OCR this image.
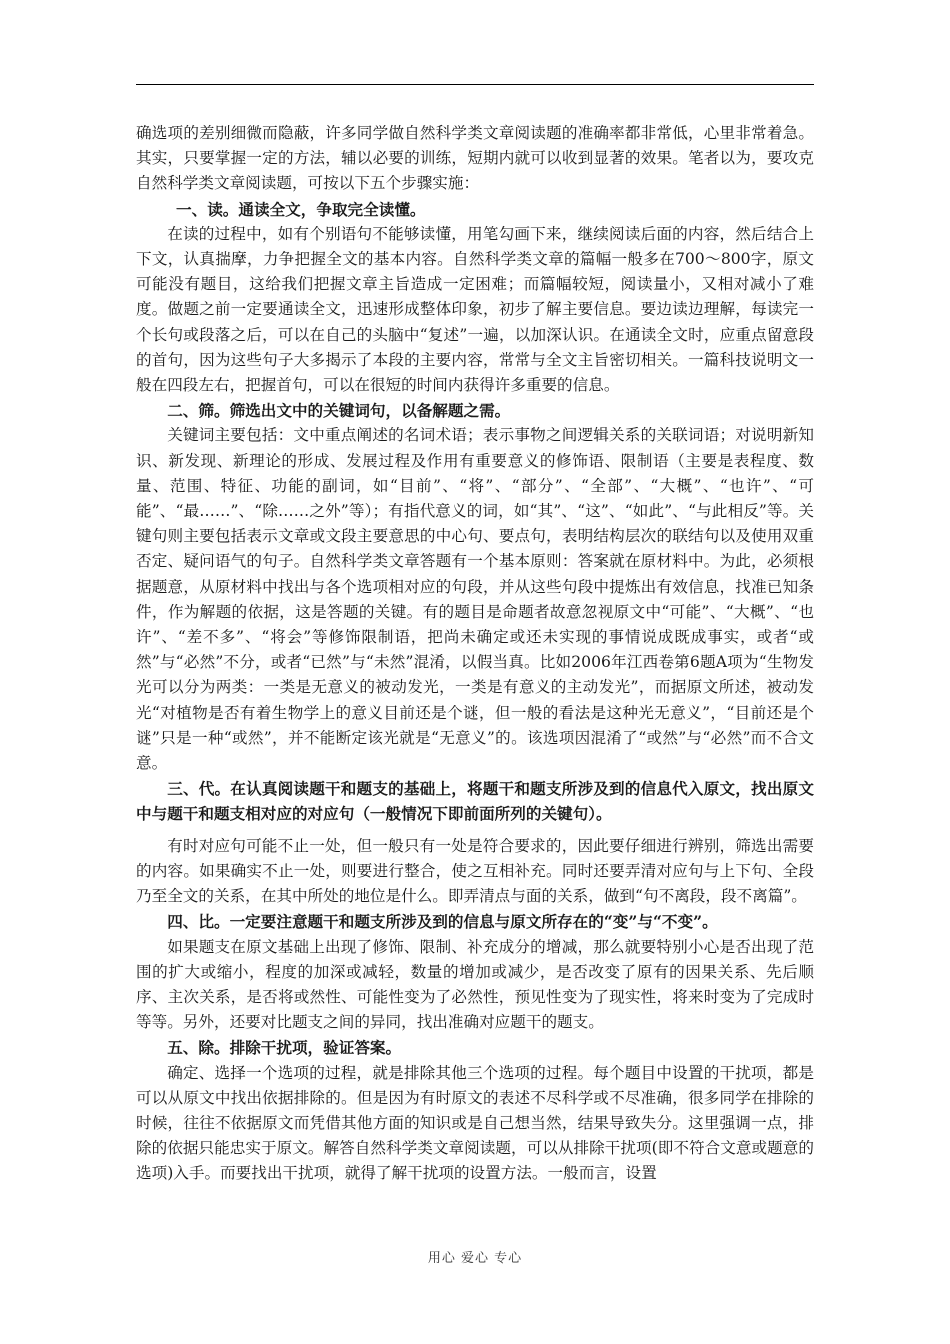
确选项的差别细微而隐蔽，许多同学做自然科学类文章阅读题的准确率都非常低，心里非常着急。其实，只要掌握一定的方法，辅以必要的训练，短期内就可以收到显著的效果。笔者以为，要攻克自然科学类文章阅读题，可按以下五个步骤实施：

一、读。通读全文，争取完全读懂。

在读的过程中，如有个别语句不能够读懂，用笔勾画下来，继续阅读后面的内容，然后结合上下文，认真揣摩，力争把握全文的基本内容。自然科学类文章的篇幅一般多在700～800字，原文可能没有题目，这给我们把握文章主旨造成一定困难；而篇幅较短，阅读量小，又相对减小了难度。做题之前一定要通读全文，迅速形成整体印象，初步了解主要信息。要边读边理解，每读完一个长句或段落之后，可以在自己的头脑中“复述”一遍，以加深认识。在通读全文时，应重点留意段的首句，因为这些句子大多揭示了本段的主要内容，常常与全文主旨密切相关。一篇科技说明文一般在四段左右，把握首句，可以在很短的时间内获得许多重要的信息。

二、筛。筛选出文中的关键词句，以备解题之需。

关键词主要包括：文中重点阐述的名词术语；表示事物之间逻辑关系的关联词语；对说明新知识、新发现、新理论的形成、发展过程及作用有重要意义的修饰语、限制语（主要是表程度、数量、范围、特征、功能的副词，如“目前”、“将”、“部分”、“全部”、“大概”、“也许”、“可能”、“最……”、“除……之外”等）；有指代意义的词，如“其”、“这”、“如此”、“与此相反”等。关键句则主要包括表示文章或文段主要意思的中心句、要点句，表明结构层次的联结句以及使用双重否定、疑问语气的句子。自然科学类文章答题有一个基本原则：答案就在原材料中。为此，必须根据题意，从原材料中找出与各个选项相对应的句段，并从这些句段中提炼出有效信息，找准已知条件，作为解题的依据，这是答题的关键。有的题目是命题者故意忽视原文中“可能”、“大概”、“也许”、“差不多”、“将会”等修饰限制语，把尚未确定或还未实现的事情说成既成事实，或者“或然”与“必然”不分，或者“已然”与“未然”混淆，以假当真。比如2006年江西卷第6题A项为“生物发光可以分为两类：一类是无意义的被动发光，一类是有意义的主动发光”，而据原文所述，被动发光“对植物是否有着生物学上的意义目前还是个谜，但一般的看法是这种光无意义”，“目前还是个谜”只是一种“或然”，并不能断定该光就是“无意义”的。该选项因混淆了“或然”与“必然”而不合文意。

三、代。在认真阅读题干和题支的基础上，将题干和题支所涉及到的信息代入原文，找出原文中与题干和题支相对应的对应句（一般情况下即前面所列的关键句）。

有时对应句可能不止一处，但一般只有一处是符合要求的，因此要仔细进行辨别，筛选出需要的内容。如果确实不止一处，则要进行整合，使之互相补充。同时还要弄清对应句与上下句、全段乃至全文的关系，在其中所处的地位是什么。即弄清点与面的关系，做到“句不离段，段不离篇”。

四、比。一定要注意题干和题支所涉及到的信息与原文所存在的“变”与“不变”。

如果题支在原文基础上出现了修饰、限制、补充成分的增减，那么就要特别小心是否出现了范围的扩大或缩小，程度的加深或减轻，数量的增加或减少，是否改变了原有的因果关系、先后顺序、主次关系，是否将或然性、可能性变为了必然性，预见性变为了现实性，将来时变为了完成时等等。另外，还要对比题支之间的异同，找出准确对应题干的题支。

五、除。排除干扰项，验证答案。

确定、选择一个选项的过程，就是排除其他三个选项的过程。每个题目中设置的干扰项，都是可以从原文中找出依据排除的。但是因为有时原文的表述不尽科学或不尽准确，很多同学在排除的时候，往往不依据原文而凭借其他方面的知识或是自己想当然，结果导致失分。这里强调一点，排除的依据只能忠实于原文。解答自然科学类文章阅读题，可以从排除干扰项(即不符合文意或题意的选项)入手。而要找出干扰项，就得了解干扰项的设置方法。一般而言，设置

用心 爱心 专心
